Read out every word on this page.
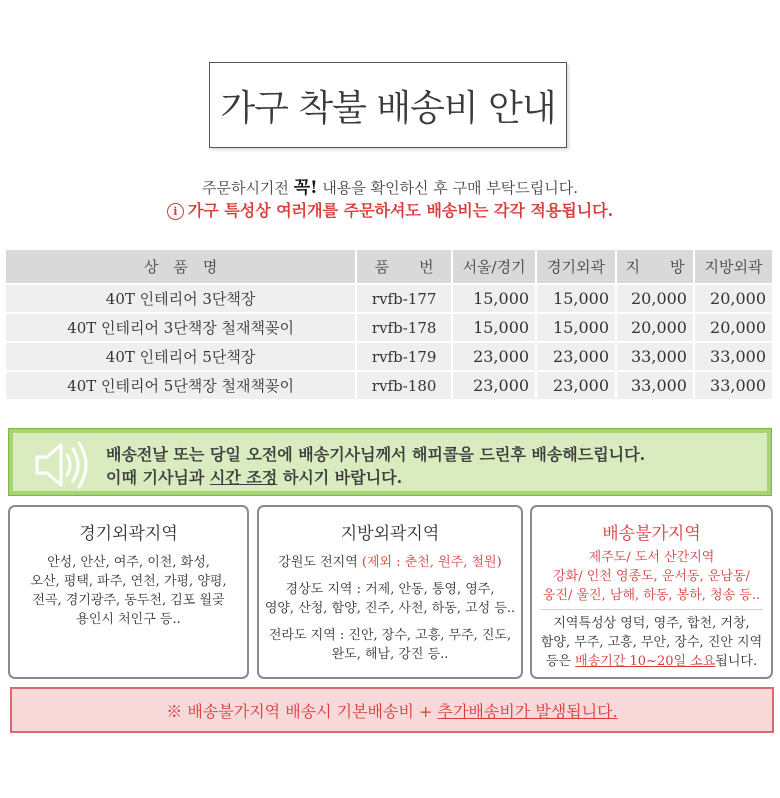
가구 착불 배송비 안내
주문하시기전 꼭! 내용을 확인하신 후 구매 부탁드립니다.
i 가구 특성상 여러개를 주문하셔도 배송비는 각각 적용됩니다.
상　품　명	품　　번	서울/경기	경기외곽	지　　방	지방외곽
40T 인테리어 3단책장	rvfb-177	15,000	15,000	20,000	20,000
40T 인테리어 3단책장 철재책꽂이	rvfb-178	15,000	15,000	20,000	20,000
40T 인테리어 5단책장	rvfb-179	23,000	23,000	33,000	33,000
40T 인테리어 5단책장 철재책꽂이	rvfb-180	23,000	23,000	33,000	33,000
배송전날 또는 당일 오전에 배송기사님께서 해피콜을 드린후 배송해드립니다.
이때 기사님과 시간 조정 하시기 바랍니다.
경기외곽지역
안성, 안산, 여주, 이천, 화성,
오산, 평택, 파주, 연천, 가평, 양평,
전곡, 경기광주, 동두천, 김포 월곶
용인시 처인구 등..
지방외곽지역
강원도 전지역 (제외 : 춘천, 원주, 철원)
경상도 지역 : 거제, 안동, 통영, 영주,
영양, 산청, 함양, 진주, 사천, 하동, 고성 등..
전라도 지역 : 진안, 장수, 고흥, 무주, 진도,
완도, 해남, 강진 등..
배송불가지역
제주도/ 도서 산간지역
강화/ 인천 영종도, 운서동, 운남동/
웅진/ 울진, 남해, 하동, 봉하, 청송 등..
지역특성상 영덕, 영주, 합천, 거창,
함양, 무주, 고흥, 무안, 장수, 진안 지역
등은 배송기간 10~20일 소요됩니다.
※ 배송불가지역 배송시 기본배송비 + 추가배송비가 발생됩니다.
